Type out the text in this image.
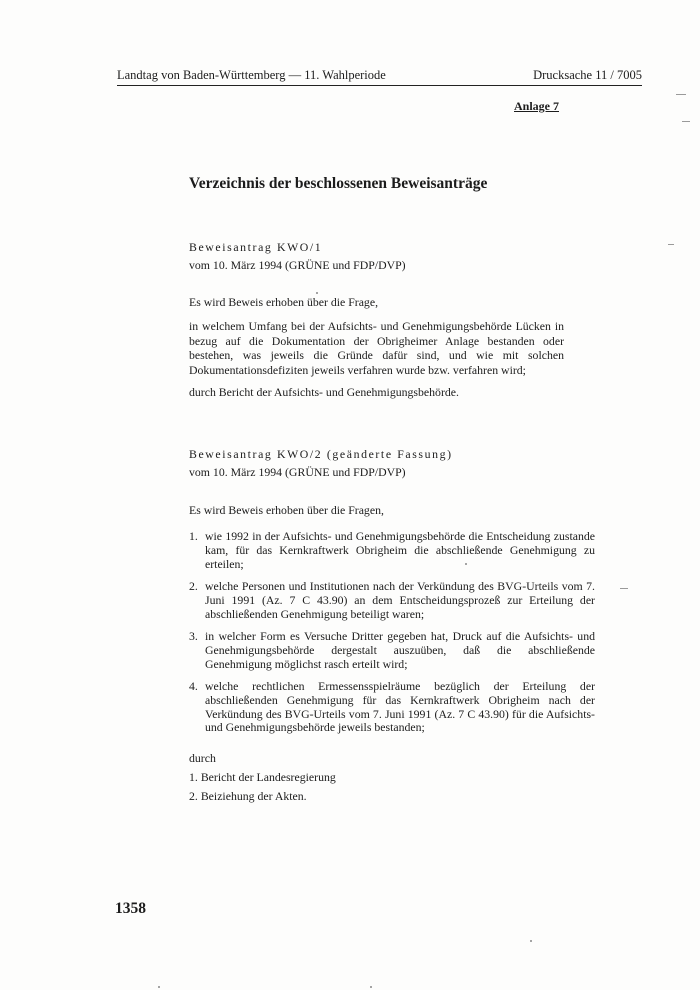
Landtag von Baden-Württemberg — 11. Wahlperiode	Drucksache 11 / 7005
Anlage 7
Verzeichnis der beschlossenen Beweisanträge
Beweisantrag KWO/1
vom 10. März 1994 (GRÜNE und FDP/DVP)
Es wird Beweis erhoben über die Frage,
in welchem Umfang bei der Aufsichts- und Genehmigungsbehörde Lücken in bezug auf die Dokumentation der Obrigheimer Anlage bestanden oder bestehen, was jeweils die Gründe dafür sind, und wie mit solchen Dokumentationsdefiziten jeweils verfahren wurde bzw. verfahren wird;
durch Bericht der Aufsichts- und Genehmigungsbehörde.
Beweisantrag KWO/2 (geänderte Fassung)
vom 10. März 1994 (GRÜNE und FDP/DVP)
Es wird Beweis erhoben über die Fragen,
1. wie 1992 in der Aufsichts- und Genehmigungsbehörde die Entscheidung zustande kam, für das Kernkraftwerk Obrigheim die abschließende Genehmigung zu erteilen;
2. welche Personen und Institutionen nach der Verkündung des BVG-Urteils vom 7. Juni 1991 (Az. 7 C 43.90) an dem Entscheidungsprozeß zur Erteilung der abschließenden Genehmigung beteiligt waren;
3. in welcher Form es Versuche Dritter gegeben hat, Druck auf die Aufsichts- und Genehmigungsbehörde dergestalt auszuüben, daß die abschließende Genehmigung möglichst rasch erteilt wird;
4. welche rechtlichen Ermessensspielräume bezüglich der Erteilung der abschließenden Genehmigung für das Kernkraftwerk Obrigheim nach der Verkündung des BVG-Urteils vom 7. Juni 1991 (Az. 7 C 43.90) für die Aufsichts- und Genehmigungsbehörde jeweils bestanden;
durch
1. Bericht der Landesregierung
2. Beiziehung der Akten.
1358
